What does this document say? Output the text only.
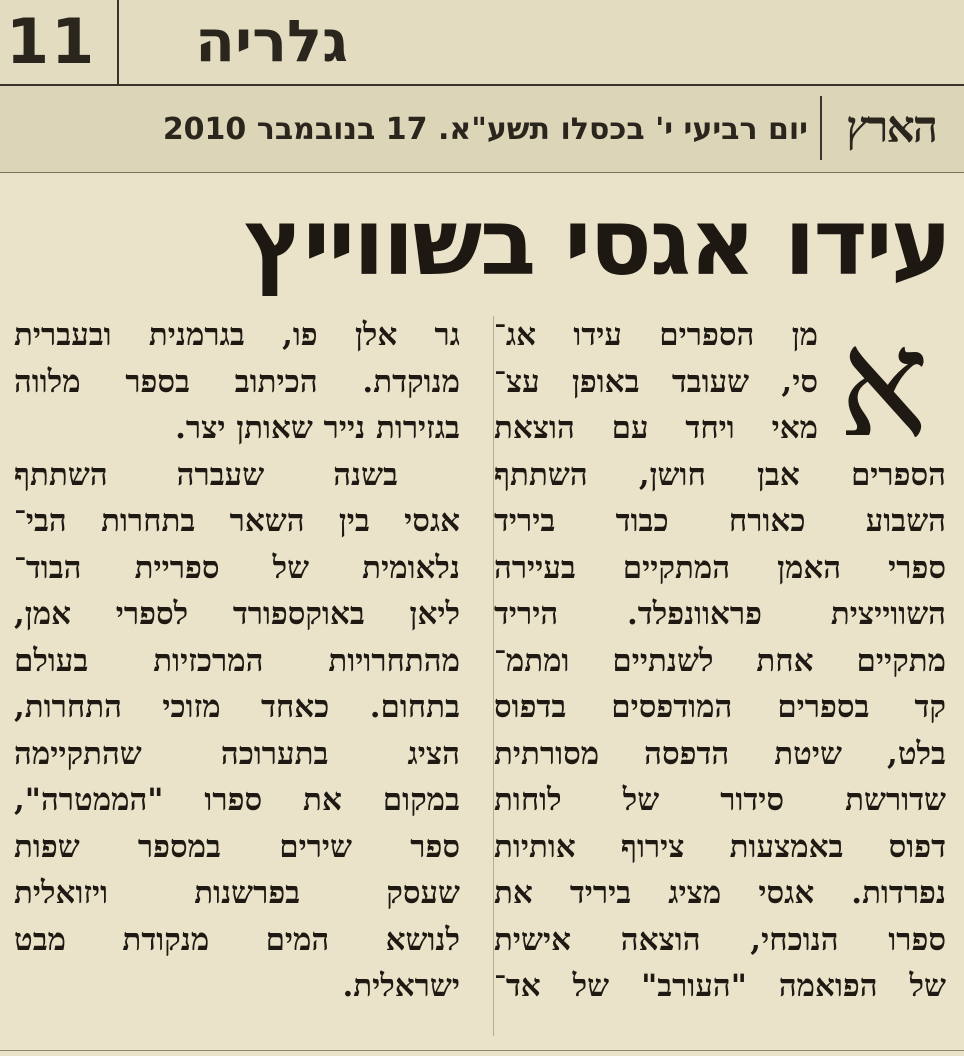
11	גלריה
הארץ
יום רביעי י' בכסלו תשע"א. 17 בנובמבר 2010
עידו אגסי בשווייץ
א
מן הספרים עידו אג־
סי, שעובד באופן עצ־
מאי ויחד עם הוצאת
הספרים אבן חושן, השתתף
השבוע כאורח כבוד ביריד
ספרי האמן המתקיים בעיירה
השווייצית פראוונפלד. היריד
מתקיים אחת לשנתיים ומתמ־
קד בספרים המודפסים בדפוס
בלט, שיטת הדפסה מסורתית
שדורשת סידור של לוחות
דפוס באמצעות צירוף אותיות
נפרדות. אגסי מציג ביריד את
ספרו הנוכחי, הוצאה אישית
של הפואמה "העורב" של אד־
גר אלן פו, בגרמנית ובעברית
מנוקדת. הכיתוב בספר מלווה
בגזירות נייר שאותן יצר.
בשנה שעברה השתתף
אגסי בין השאר בתחרות הבי־
נלאומית של ספריית הבוד־
ליאן באוקספורד לספרי אמן,
מהתחרויות המרכזיות בעולם
בתחום. כאחד מזוכי התחרות,
הציג בתערוכה שהתקיימה
במקום את ספרו "הממטרה",
ספר שירים במספר שפות
שעסק בפרשנות ויזואלית
לנושא המים מנקודת מבט
ישראלית.
